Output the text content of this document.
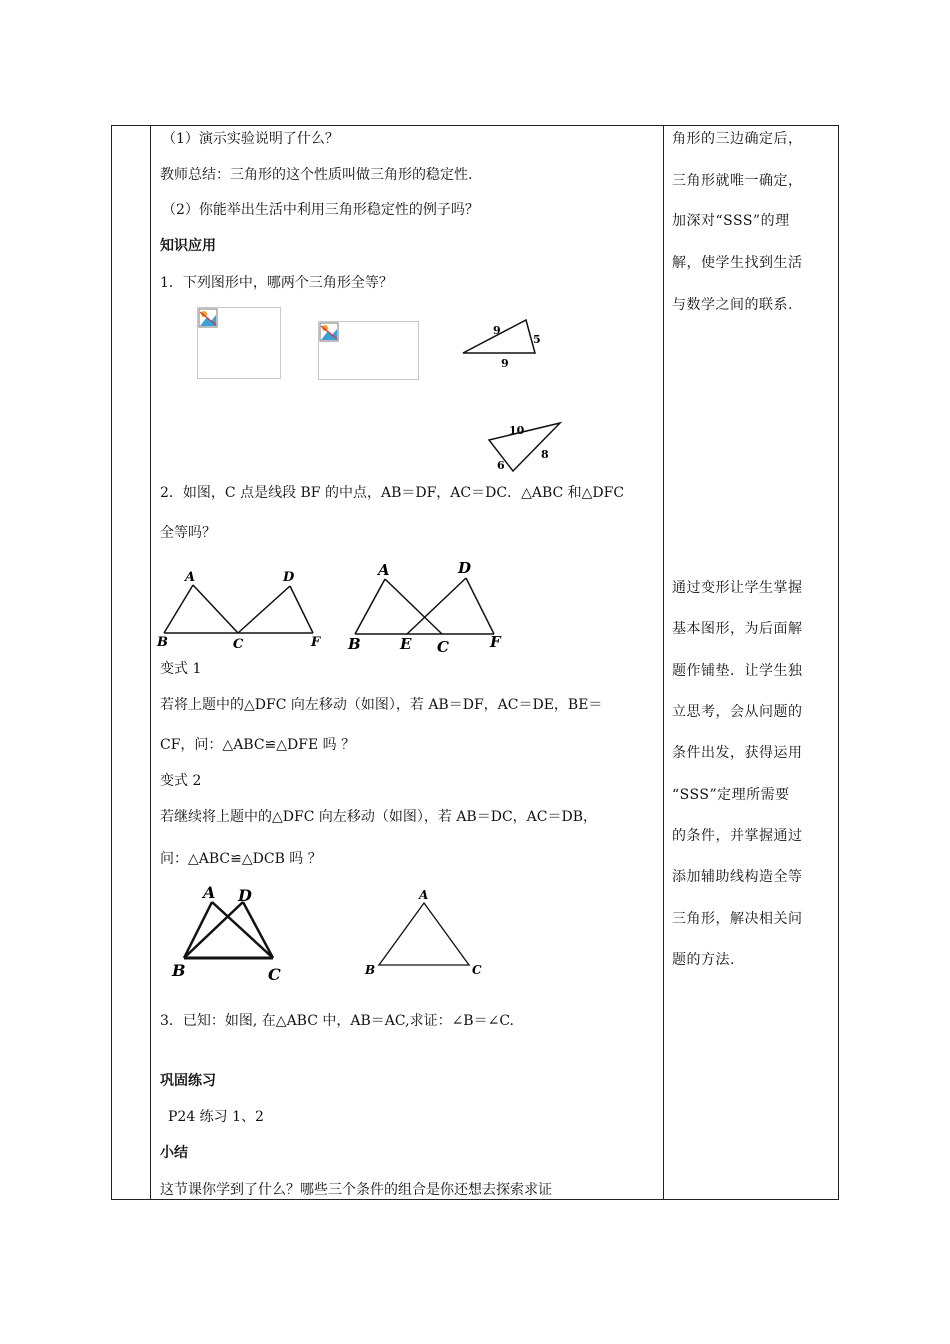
（1）演示实验说明了什么？
教师总结：三角形的这个性质叫做三角形的稳定性.
（2）你能举出生活中利用三角形稳定性的例子吗？
知识应用
1．下列图形中，哪两个三角形全等？
9
5
9
10
6
8
2．如图，C 点是线段 BF 的中点，AB＝DF，AC＝DC．△ABC 和△DFC
全等吗？
A	D
B	C	F
A	D
B	E C	F
变式 1
若将上题中的△DFC 向左移动（如图），若 AB＝DF，AC＝DE，BE＝
CF，问：△ABC≌△DFE 吗 ？
变式 2
若继续将上题中的△DFC 向左移动（如图），若 AB＝DC，AC＝DB，
问：△ABC≌△DCB 吗 ？
A D
B	C
A
B	C
3．已知：如图, 在△ABC 中，AB＝AC,求证：∠B＝∠C.
巩固练习
P24 练习 1、2
小结
这节课你学到了什么？哪些三个条件的组合是你还想去探索求证
角形的三边确定后，
三角形就唯一确定，
加深对“SSS”的理
解，使学生找到生活
与数学之间的联系.
通过变形让学生掌握
基本图形，为后面解
题作铺垫．让学生独
立思考，会从问题的
条件出发，获得运用
“SSS”定理所需要
的条件，并掌握通过
添加辅助线构造全等
三角形，解决相关问
题的方法.
